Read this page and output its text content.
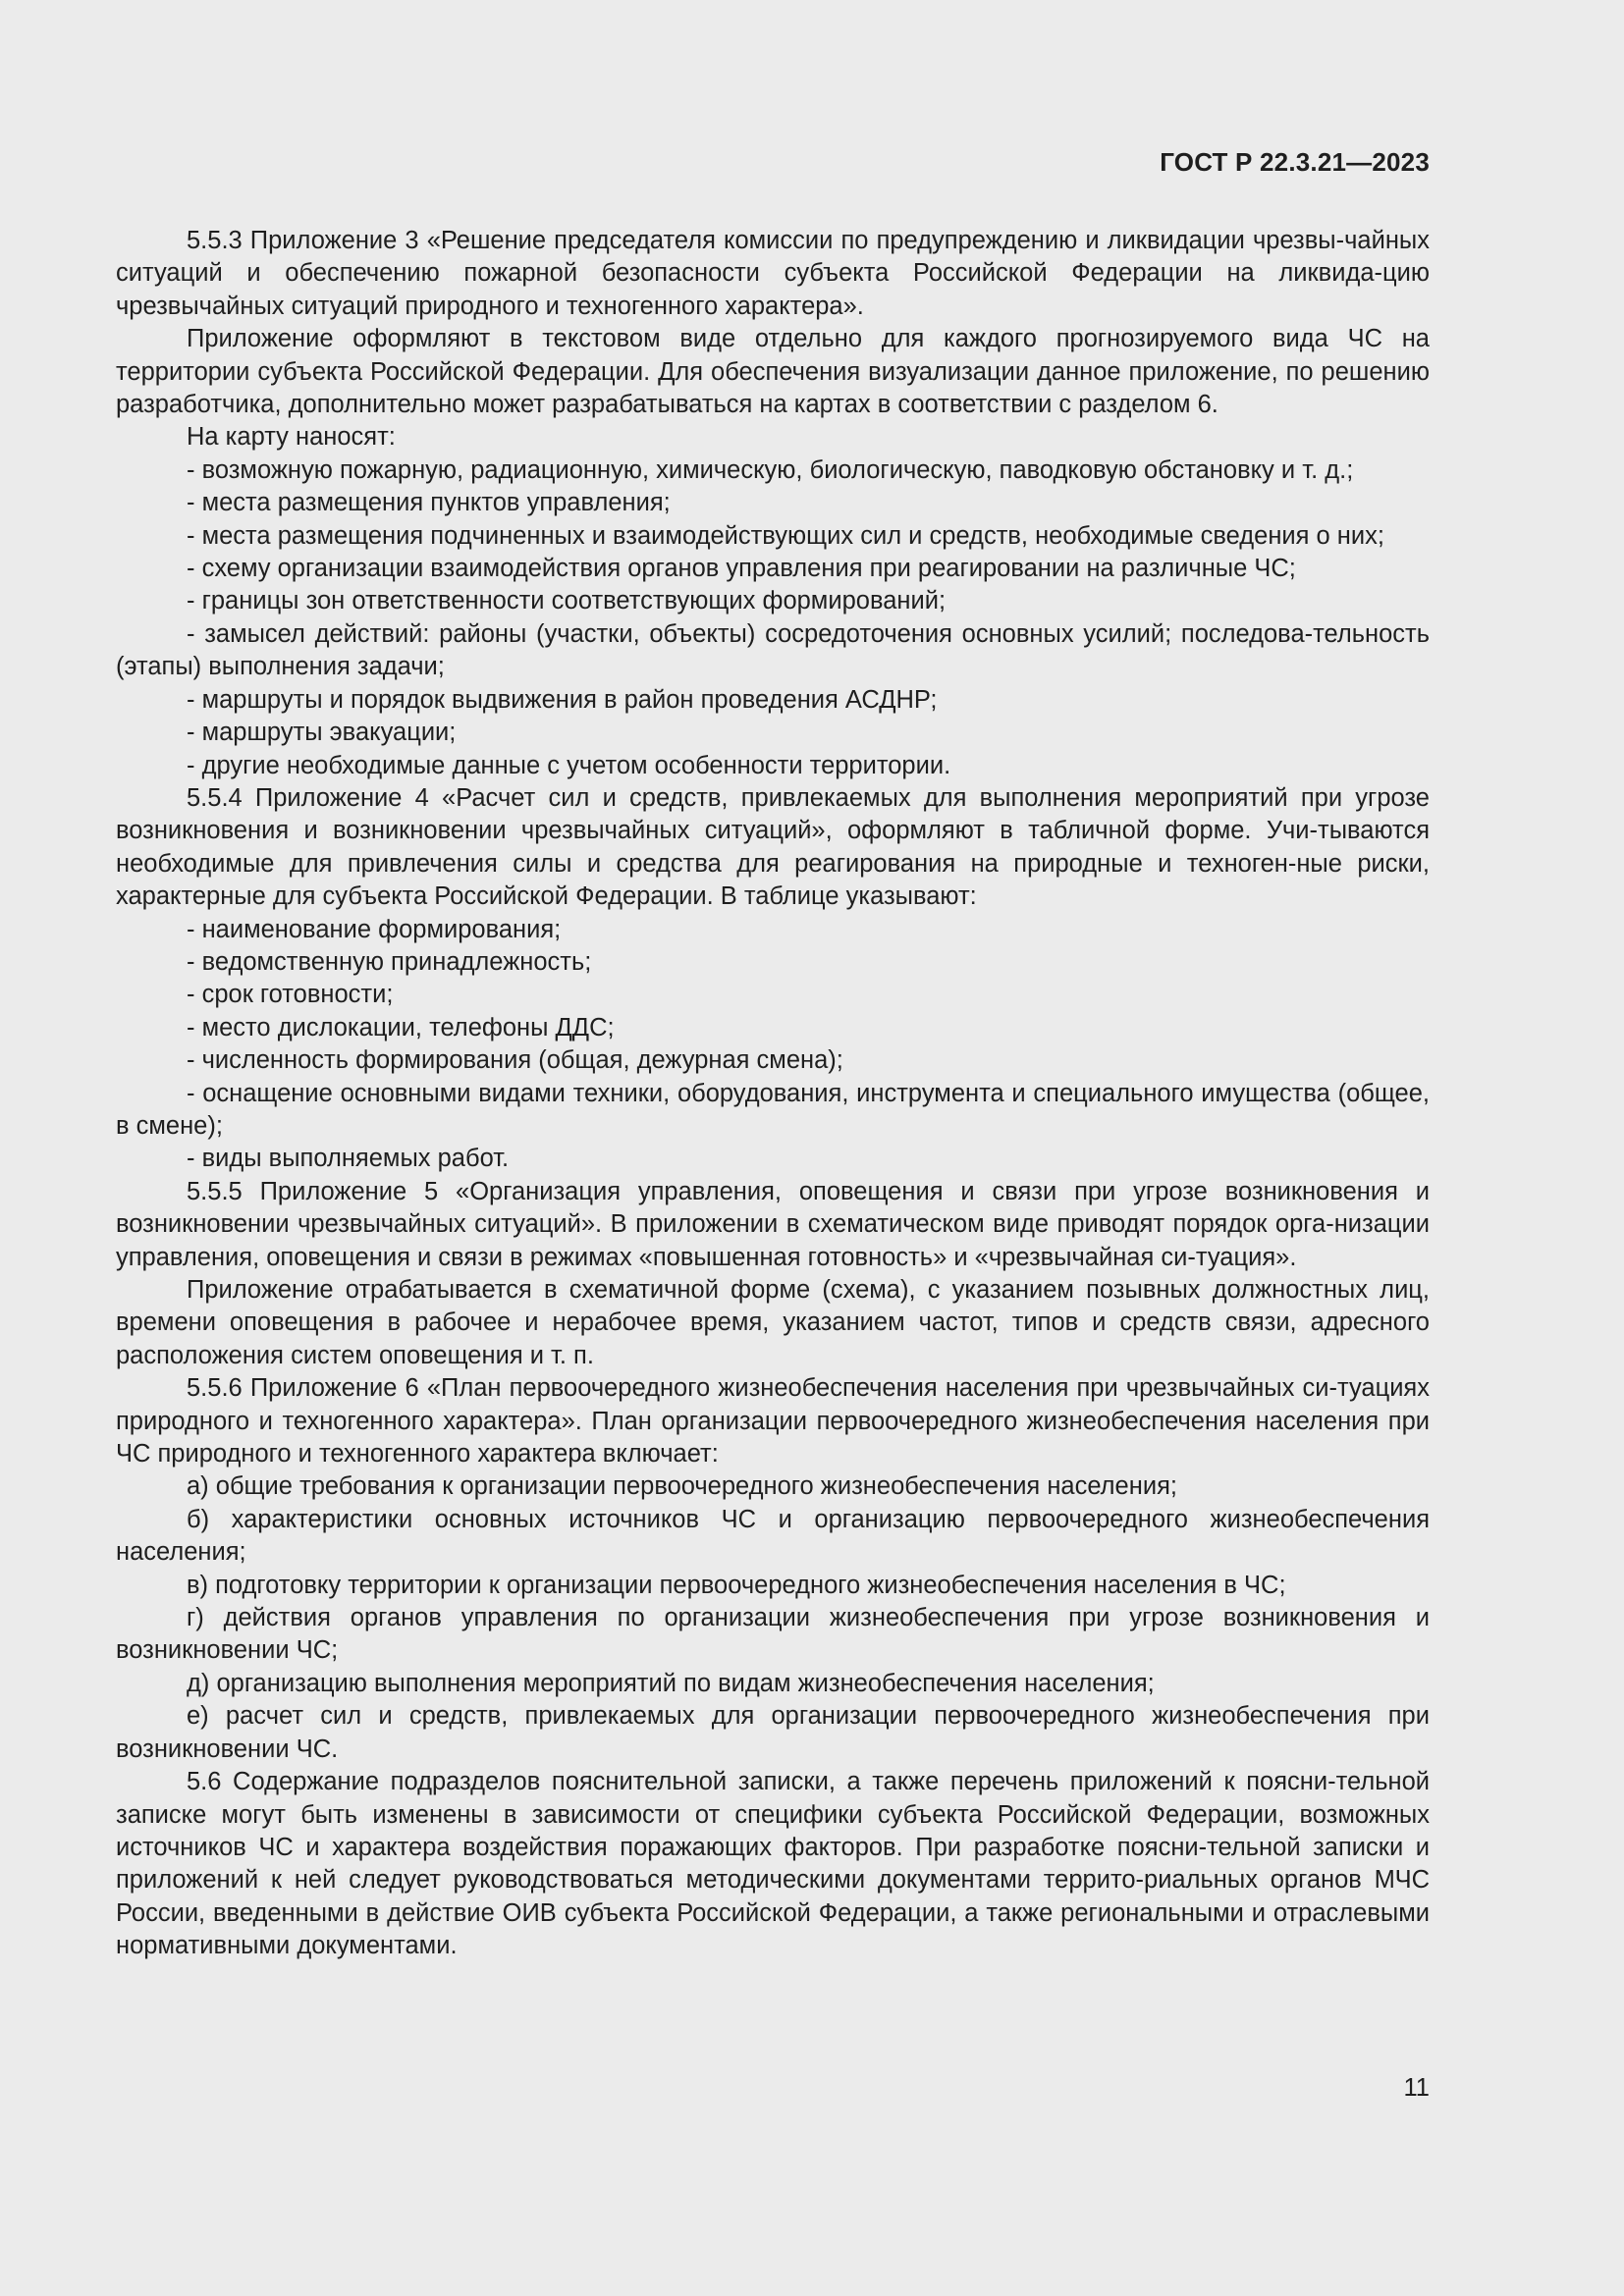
ГОСТ Р 22.3.21—2023

5.5.3 Приложение 3 «Решение председателя комиссии по предупреждению и ликвидации чрезвы-чайных ситуаций и обеспечению пожарной безопасности субъекта Российской Федерации на ликвида-цию чрезвычайных ситуаций природного и техногенного характера».

Приложение оформляют в текстовом виде отдельно для каждого прогнозируемого вида ЧС на территории субъекта Российской Федерации. Для обеспечения визуализации данное приложение, по решению разработчика, дополнительно может разрабатываться на картах в соответствии с разделом 6.

На карту наносят:

- возможную пожарную, радиационную, химическую, биологическую, паводковую обстановку и т. д.;

- места размещения пунктов управления;

- места размещения подчиненных и взаимодействующих сил и средств, необходимые сведения о них;

- схему организации взаимодействия органов управления при реагировании на различные ЧС;

- границы зон ответственности соответствующих формирований;

- замысел действий: районы (участки, объекты) сосредоточения основных усилий; последова-тельность (этапы) выполнения задачи;

- маршруты и порядок выдвижения в район проведения АСДНР;

- маршруты эвакуации;

- другие необходимые данные с учетом особенности территории.

5.5.4 Приложение 4 «Расчет сил и средств, привлекаемых для выполнения мероприятий при угрозе возникновения и возникновении чрезвычайных ситуаций», оформляют в табличной форме. Учи-тываются необходимые для привлечения силы и средства для реагирования на природные и техноген-ные риски, характерные для субъекта Российской Федерации. В таблице указывают:

- наименование формирования;

- ведомственную принадлежность;

- срок готовности;

- место дислокации, телефоны ДДС;

- численность формирования (общая, дежурная смена);

- оснащение основными видами техники, оборудования, инструмента и специального имущества (общее, в смене);

- виды выполняемых работ.

5.5.5 Приложение 5 «Организация управления, оповещения и связи при угрозе возникновения и возникновении чрезвычайных ситуаций». В приложении в схематическом виде приводят порядок орга-низации управления, оповещения и связи в режимах «повышенная готовность» и «чрезвычайная си-туация».

Приложение отрабатывается в схематичной форме (схема), с указанием позывных должностных лиц, времени оповещения в рабочее и нерабочее время, указанием частот, типов и средств связи, адресного расположения систем оповещения и т. п.

5.5.6 Приложение 6 «План первоочередного жизнеобеспечения населения при чрезвычайных си-туациях природного и техногенного характера». План организации первоочередного жизнеобеспечения населения при ЧС природного и техногенного характера включает:

а) общие требования к организации первоочередного жизнеобеспечения населения;

б) характеристики основных источников ЧС и организацию первоочередного жизнеобеспечения населения;

в) подготовку территории к организации первоочередного жизнеобеспечения населения в ЧС;

г) действия органов управления по организации жизнеобеспечения при угрозе возникновения и возникновении ЧС;

д) организацию выполнения мероприятий по видам жизнеобеспечения населения;

е) расчет сил и средств, привлекаемых для организации первоочередного жизнеобеспечения при возникновении ЧС.

5.6 Содержание подразделов пояснительной записки, а также перечень приложений к поясни-тельной записке могут быть изменены в зависимости от специфики субъекта Российской Федерации, возможных источников ЧС и характера воздействия поражающих факторов. При разработке поясни-тельной записки и приложений к ней следует руководствоваться методическими документами террито-риальных органов МЧС России, введенными в действие ОИВ субъекта Российской Федерации, а также региональными и отраслевыми нормативными документами.

11
